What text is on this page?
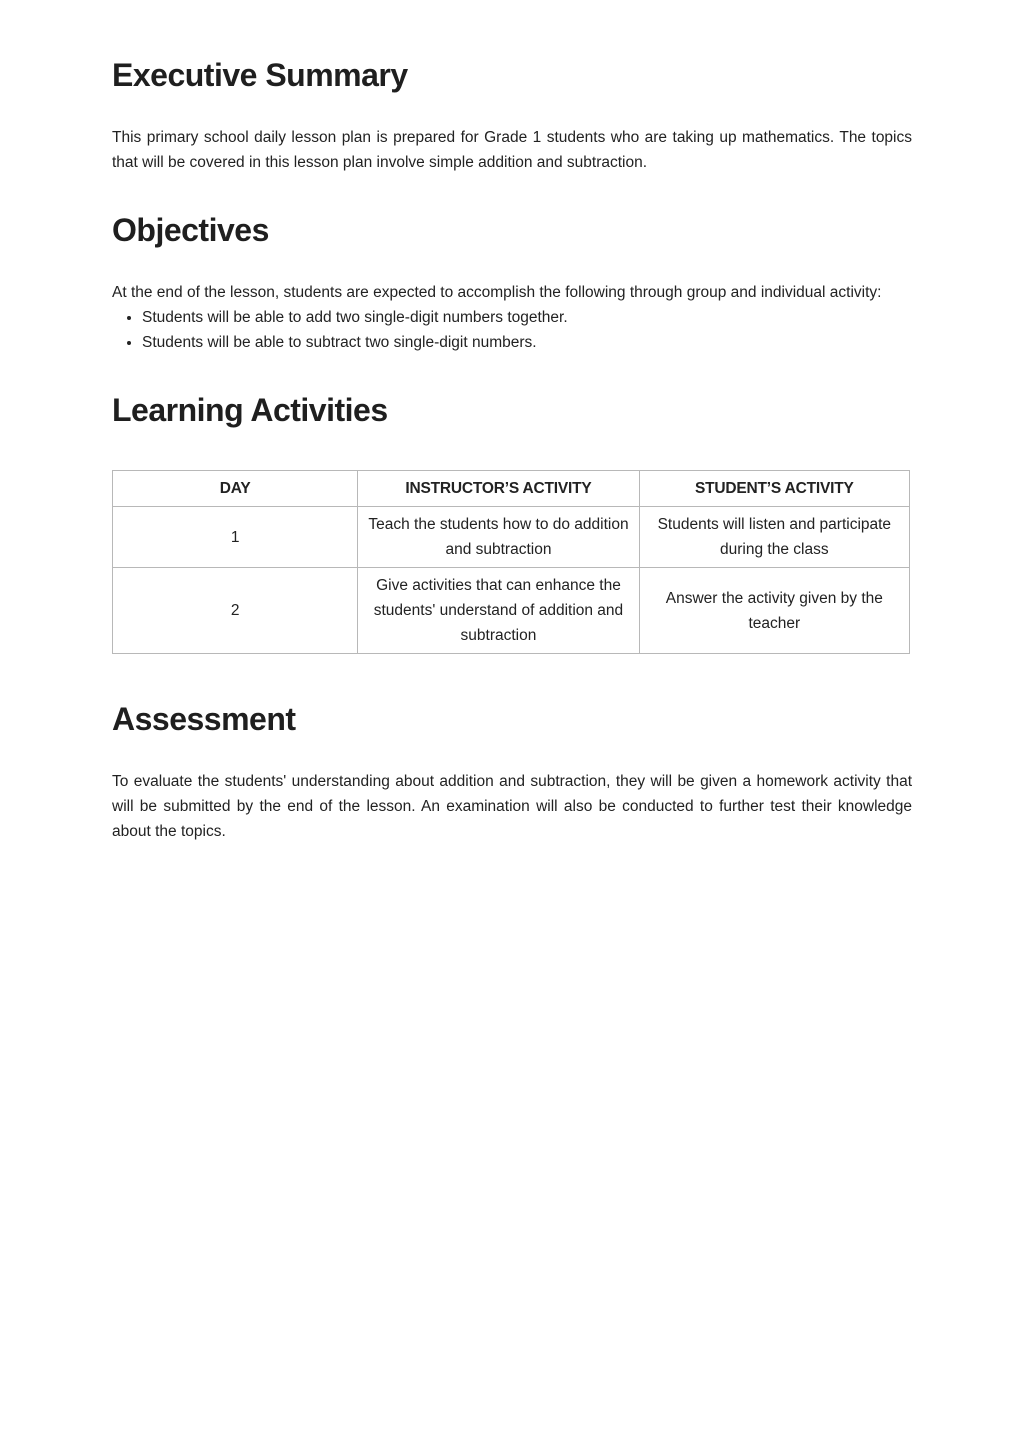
Executive Summary

This primary school daily lesson plan is prepared for Grade 1 students who are taking up mathematics. The topics that will be covered in this lesson plan involve simple addition and subtraction.

Objectives

At the end of the lesson, students are expected to accomplish the following through group and individual activity:

• Students will be able to add two single-digit numbers together.
• Students will be able to subtract two single-digit numbers.
Learning Activities
DAY	INSTRUCTOR’S ACTIVITY	STUDENT’S ACTIVITY
1	Teach the students how to do addition and subtraction	Students will listen and participate during the class
2	Give activities that can enhance the students' understand of addition and subtraction	Answer the activity given by the teacher
Assessment

To evaluate the students' understanding about addition and subtraction, they will be given a homework activity that will be submitted by the end of the lesson. An examination will also be conducted to further test their knowledge about the topics.
